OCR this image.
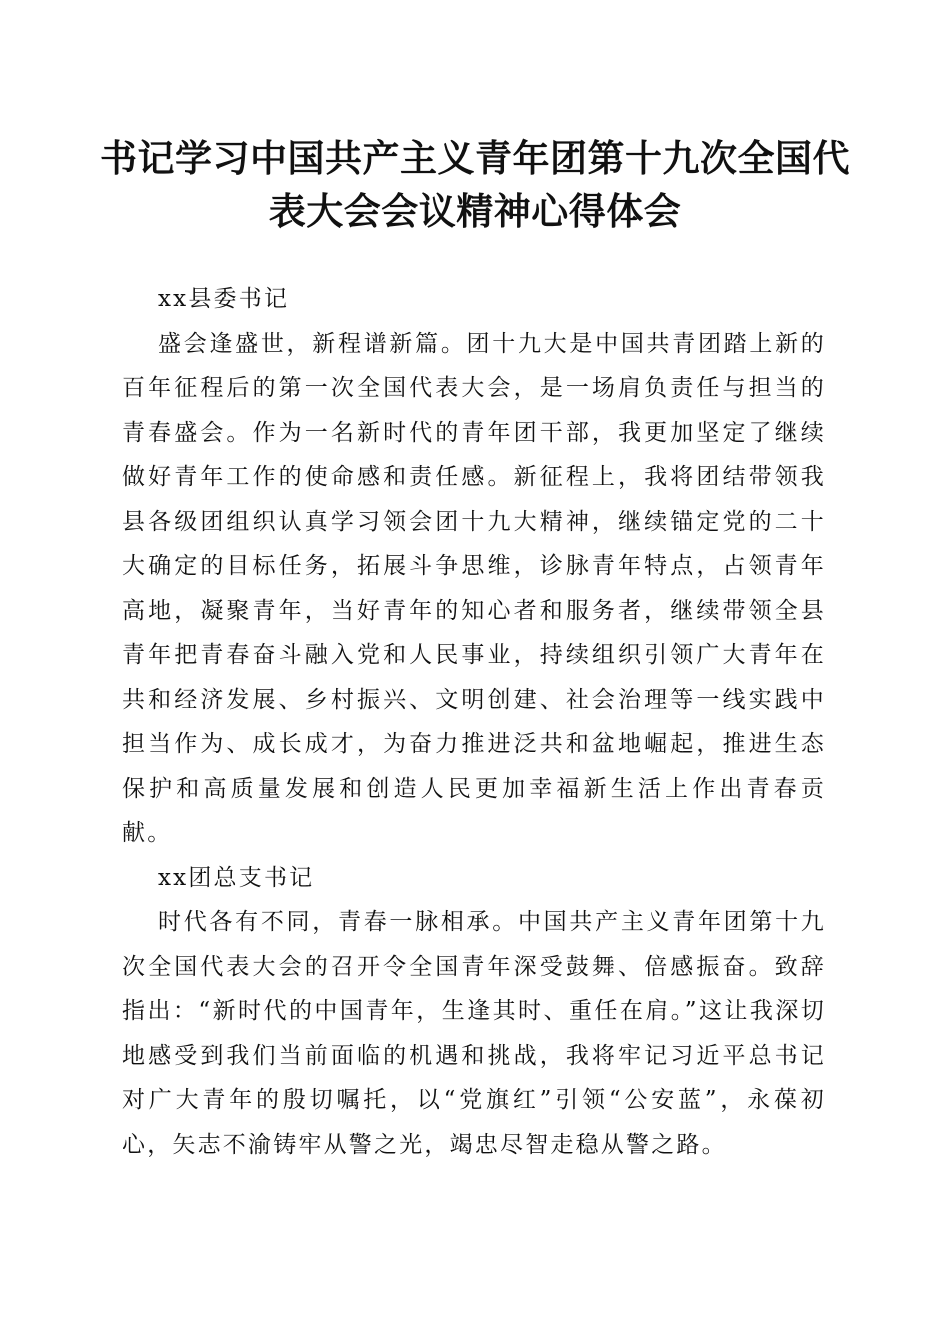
书记学习中国共产主义青年团第十九次全国代表大会会议精神心得体会

xx县委书记

盛会逢盛世，新程谱新篇。团十九大是中国共青团踏上新的百年征程后的第一次全国代表大会，是一场肩负责任与担当的青春盛会。作为一名新时代的青年团干部，我更加坚定了继续做好青年工作的使命感和责任感。新征程上，我将团结带领我县各级团组织认真学习领会团十九大精神，继续锚定党的二十大确定的目标任务，拓展斗争思维，诊脉青年特点，占领青年高地，凝聚青年，当好青年的知心者和服务者，继续带领全县青年把青春奋斗融入党和人民事业，持续组织引领广大青年在共和经济发展、乡村振兴、文明创建、社会治理等一线实践中担当作为、成长成才，为奋力推进泛共和盆地崛起，推进生态保护和高质量发展和创造人民更加幸福新生活上作出青春贡献。

xx团总支书记

时代各有不同，青春一脉相承。中国共产主义青年团第十九次全国代表大会的召开令全国青年深受鼓舞、倍感振奋。致辞指出：“新时代的中国青年，生逢其时、重任在肩。”这让我深切地感受到我们当前面临的机遇和挑战，我将牢记习近平总书记对广大青年的殷切嘱托，以“党旗红”引领“公安蓝”，永葆初心，矢志不渝铸牢从警之光，竭忠尽智走稳从警之路。
